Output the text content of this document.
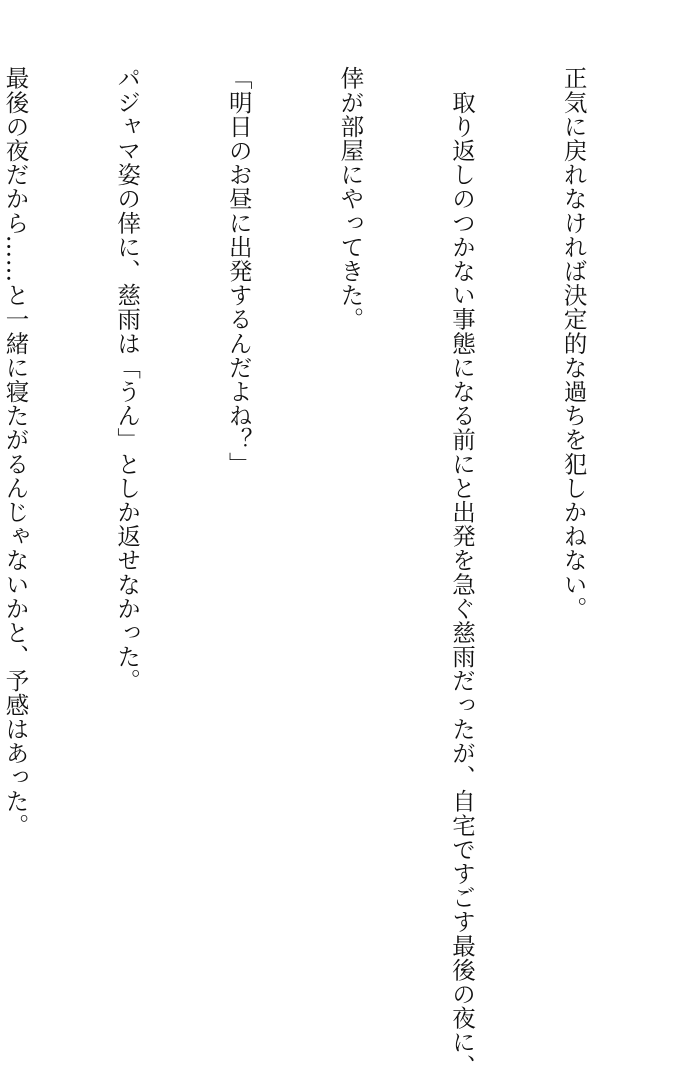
正気に戻れなければ決定的な過ちを犯しかねない。

　取り返しのつかない事態になる前にと出発を急ぐ慈雨だったが、自宅ですごす最後の夜に、

倖が部屋にやってきた。

「明日のお昼に出発するんだよね？」

パジャマ姿の倖に、慈雨は「うん」としか返せなかった。

最後の夜だから……と一緒に寝たがるんじゃないかと、予感はあった。
